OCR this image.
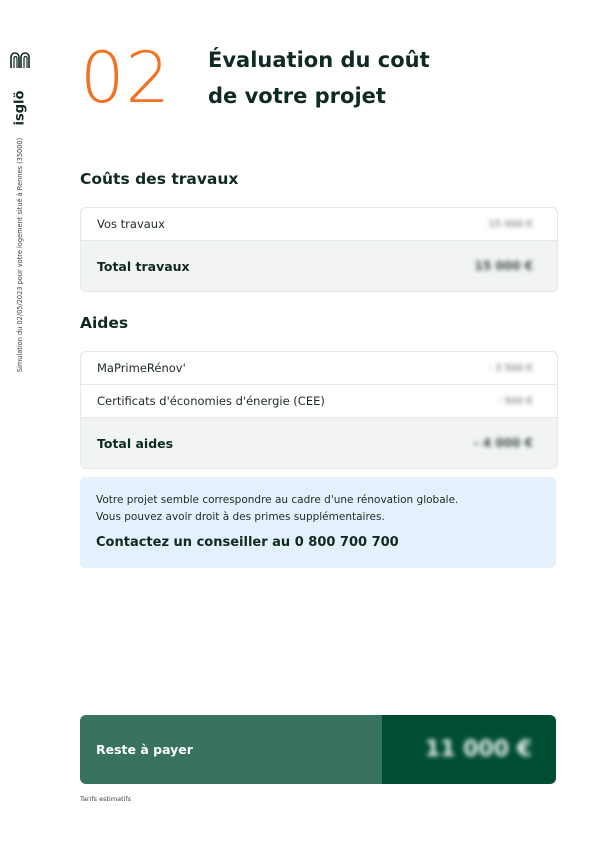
isglö
Simulation du 02/05/2023 pour votre logement situé à Rennes (35000)
02 Évaluation du coût
de votre projet
Coûts des travaux
Vos travaux	15 000 €
Total travaux	15 000 €
Aides
MaPrimeRénov'	- 3 500 €
Certificats d'économies d'énergie (CEE)	- 500 €
Total aides	- 4 000 €
Votre projet semble correspondre au cadre d'une rénovation globale.
Vous pouvez avoir droit à des primes supplémentaires.
Contactez un conseiller au 0 800 700 700
Reste à payer	11 000 €
Tarifs estimatifs
